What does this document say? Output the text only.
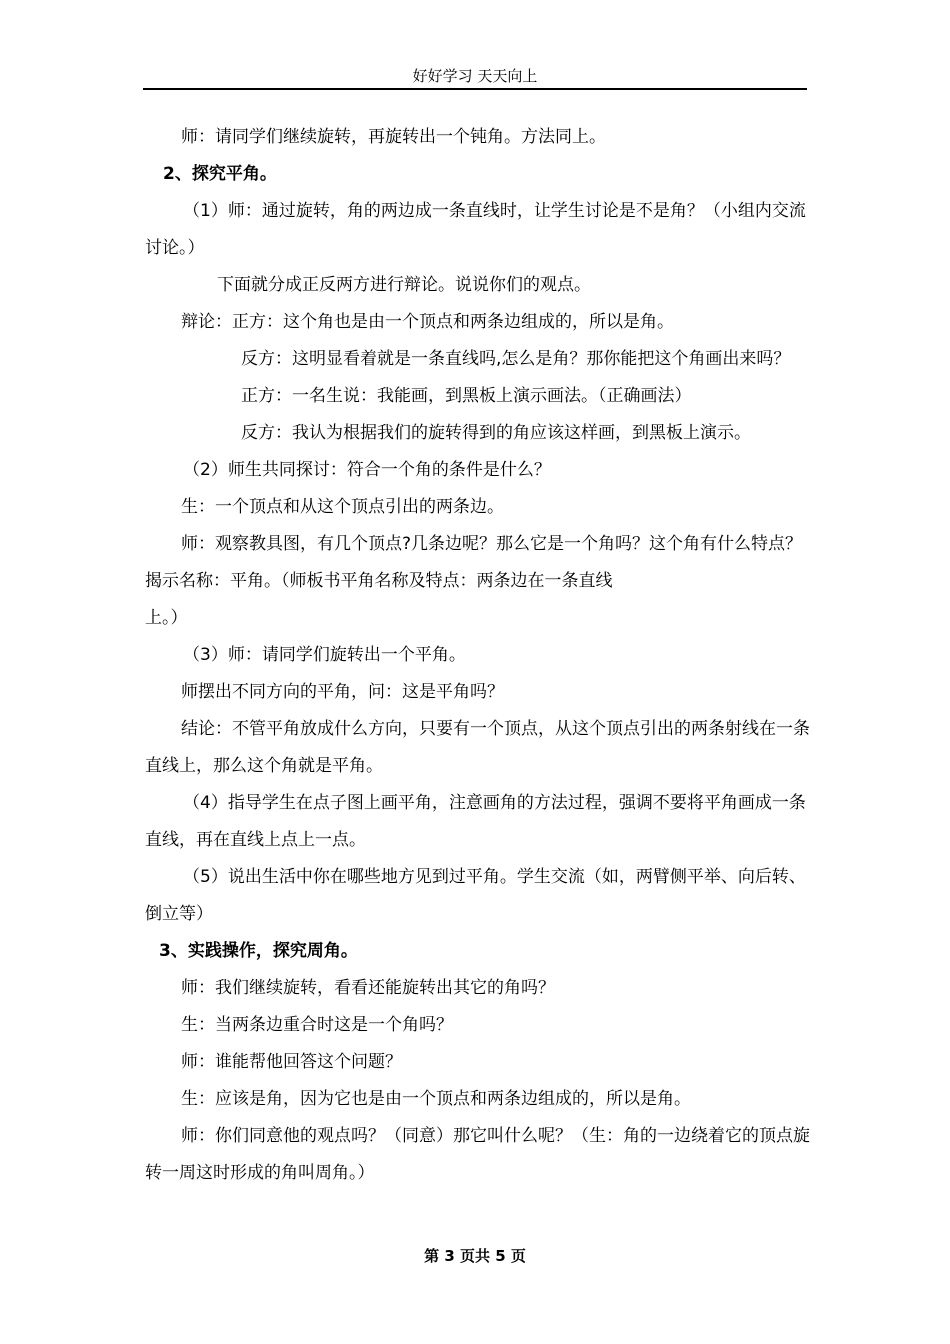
好好学习 天天向上

师：请同学们继续旋转，再旋转出一个钝角。方法同上。

2、探究平角。

（1）师：通过旋转，角的两边成一条直线时，让学生讨论是不是角？（小组内交流讨论。）

下面就分成正反两方进行辩论。说说你们的观点。

辩论：正方：这个角也是由一个顶点和两条边组成的，所以是角。

反方：这明显看着就是一条直线吗,怎么是角？那你能把这个角画出来吗？

正方：一名生说：我能画，到黑板上演示画法。（正确画法）

反方：我认为根据我们的旋转得到的角应该这样画，到黑板上演示。

（2）师生共同探讨：符合一个角的条件是什么？

生：一个顶点和从这个顶点引出的两条边。

师：观察教具图，有几个顶点?几条边呢？那么它是一个角吗？这个角有什么特点？揭示名称：平角。（师板书平角名称及特点：两条边在一条直线

上。）

（3）师：请同学们旋转出一个平角。

师摆出不同方向的平角，问：这是平角吗？

结论：不管平角放成什么方向，只要有一个顶点，从这个顶点引出的两条射线在一条直线上，那么这个角就是平角。

（4）指导学生在点子图上画平角，注意画角的方法过程，强调不要将平角画成一条直线，再在直线上点上一点。

（5）说出生活中你在哪些地方见到过平角。学生交流（如，两臂侧平举、向后转、倒立等）

3、实践操作，探究周角。

师：我们继续旋转，看看还能旋转出其它的角吗？

生：当两条边重合时这是一个角吗？

师：谁能帮他回答这个问题？

生：应该是角，因为它也是由一个顶点和两条边组成的，所以是角。

师：你们同意他的观点吗？（同意）那它叫什么呢？（生：角的一边绕着它的顶点旋转一周这时形成的角叫周角。）

第 3 页共 5 页
